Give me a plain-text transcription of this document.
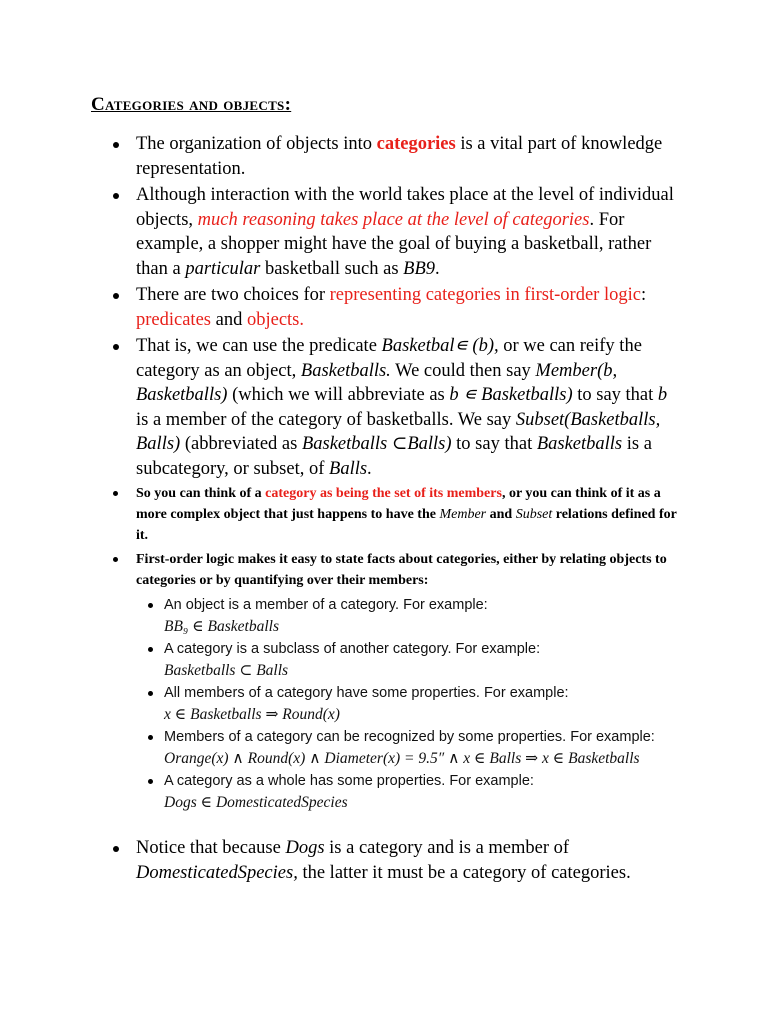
Categories and objects:
The organization of objects into categories is a vital part of knowledge representation.
Although interaction with the world takes place at the level of individual objects, much reasoning takes place at the level of categories. For example, a shopper might have the goal of buying a basketball, rather than a particular basketball such as BB9.
There are two choices for representing categories in first-order logic: predicates and objects.
That is, we can use the predicate Basketbal∊ (b), or we can reify the category as an object, Basketballs. We could then say Member(b, Basketballs) (which we will abbreviate as b ∊ Basketballs) to say that b is a member of the category of basketballs. We say Subset(Basketballs, Balls) (abbreviated as Basketballs ⊂Balls) to say that Basketballs is a subcategory, or subset, of Balls.
So you can think of a category as being the set of its members, or you can think of it as a more complex object that just happens to have the Member and Subset relations defined for it.
First-order logic makes it easy to state facts about categories, either by relating objects to categories or by quantifying over their members:
An object is a member of a category. For example:
BB₉ ∈ Basketballs
A category is a subclass of another category. For example:
Basketballs ⊂ Balls
All members of a category have some properties. For example:
x ∈ Basketballs ⇒ Round(x)
Members of a category can be recognized by some properties. For example:
Orange(x) ∧ Round(x) ∧ Diameter(x) = 9.5″ ∧ x ∈ Balls ⇒ x ∈ Basketballs
A category as a whole has some properties. For example:
Dogs ∈ DomesticatedSpecies
Notice that because Dogs is a category and is a member of DomesticatedSpecies, the latter it must be a category of categories.
